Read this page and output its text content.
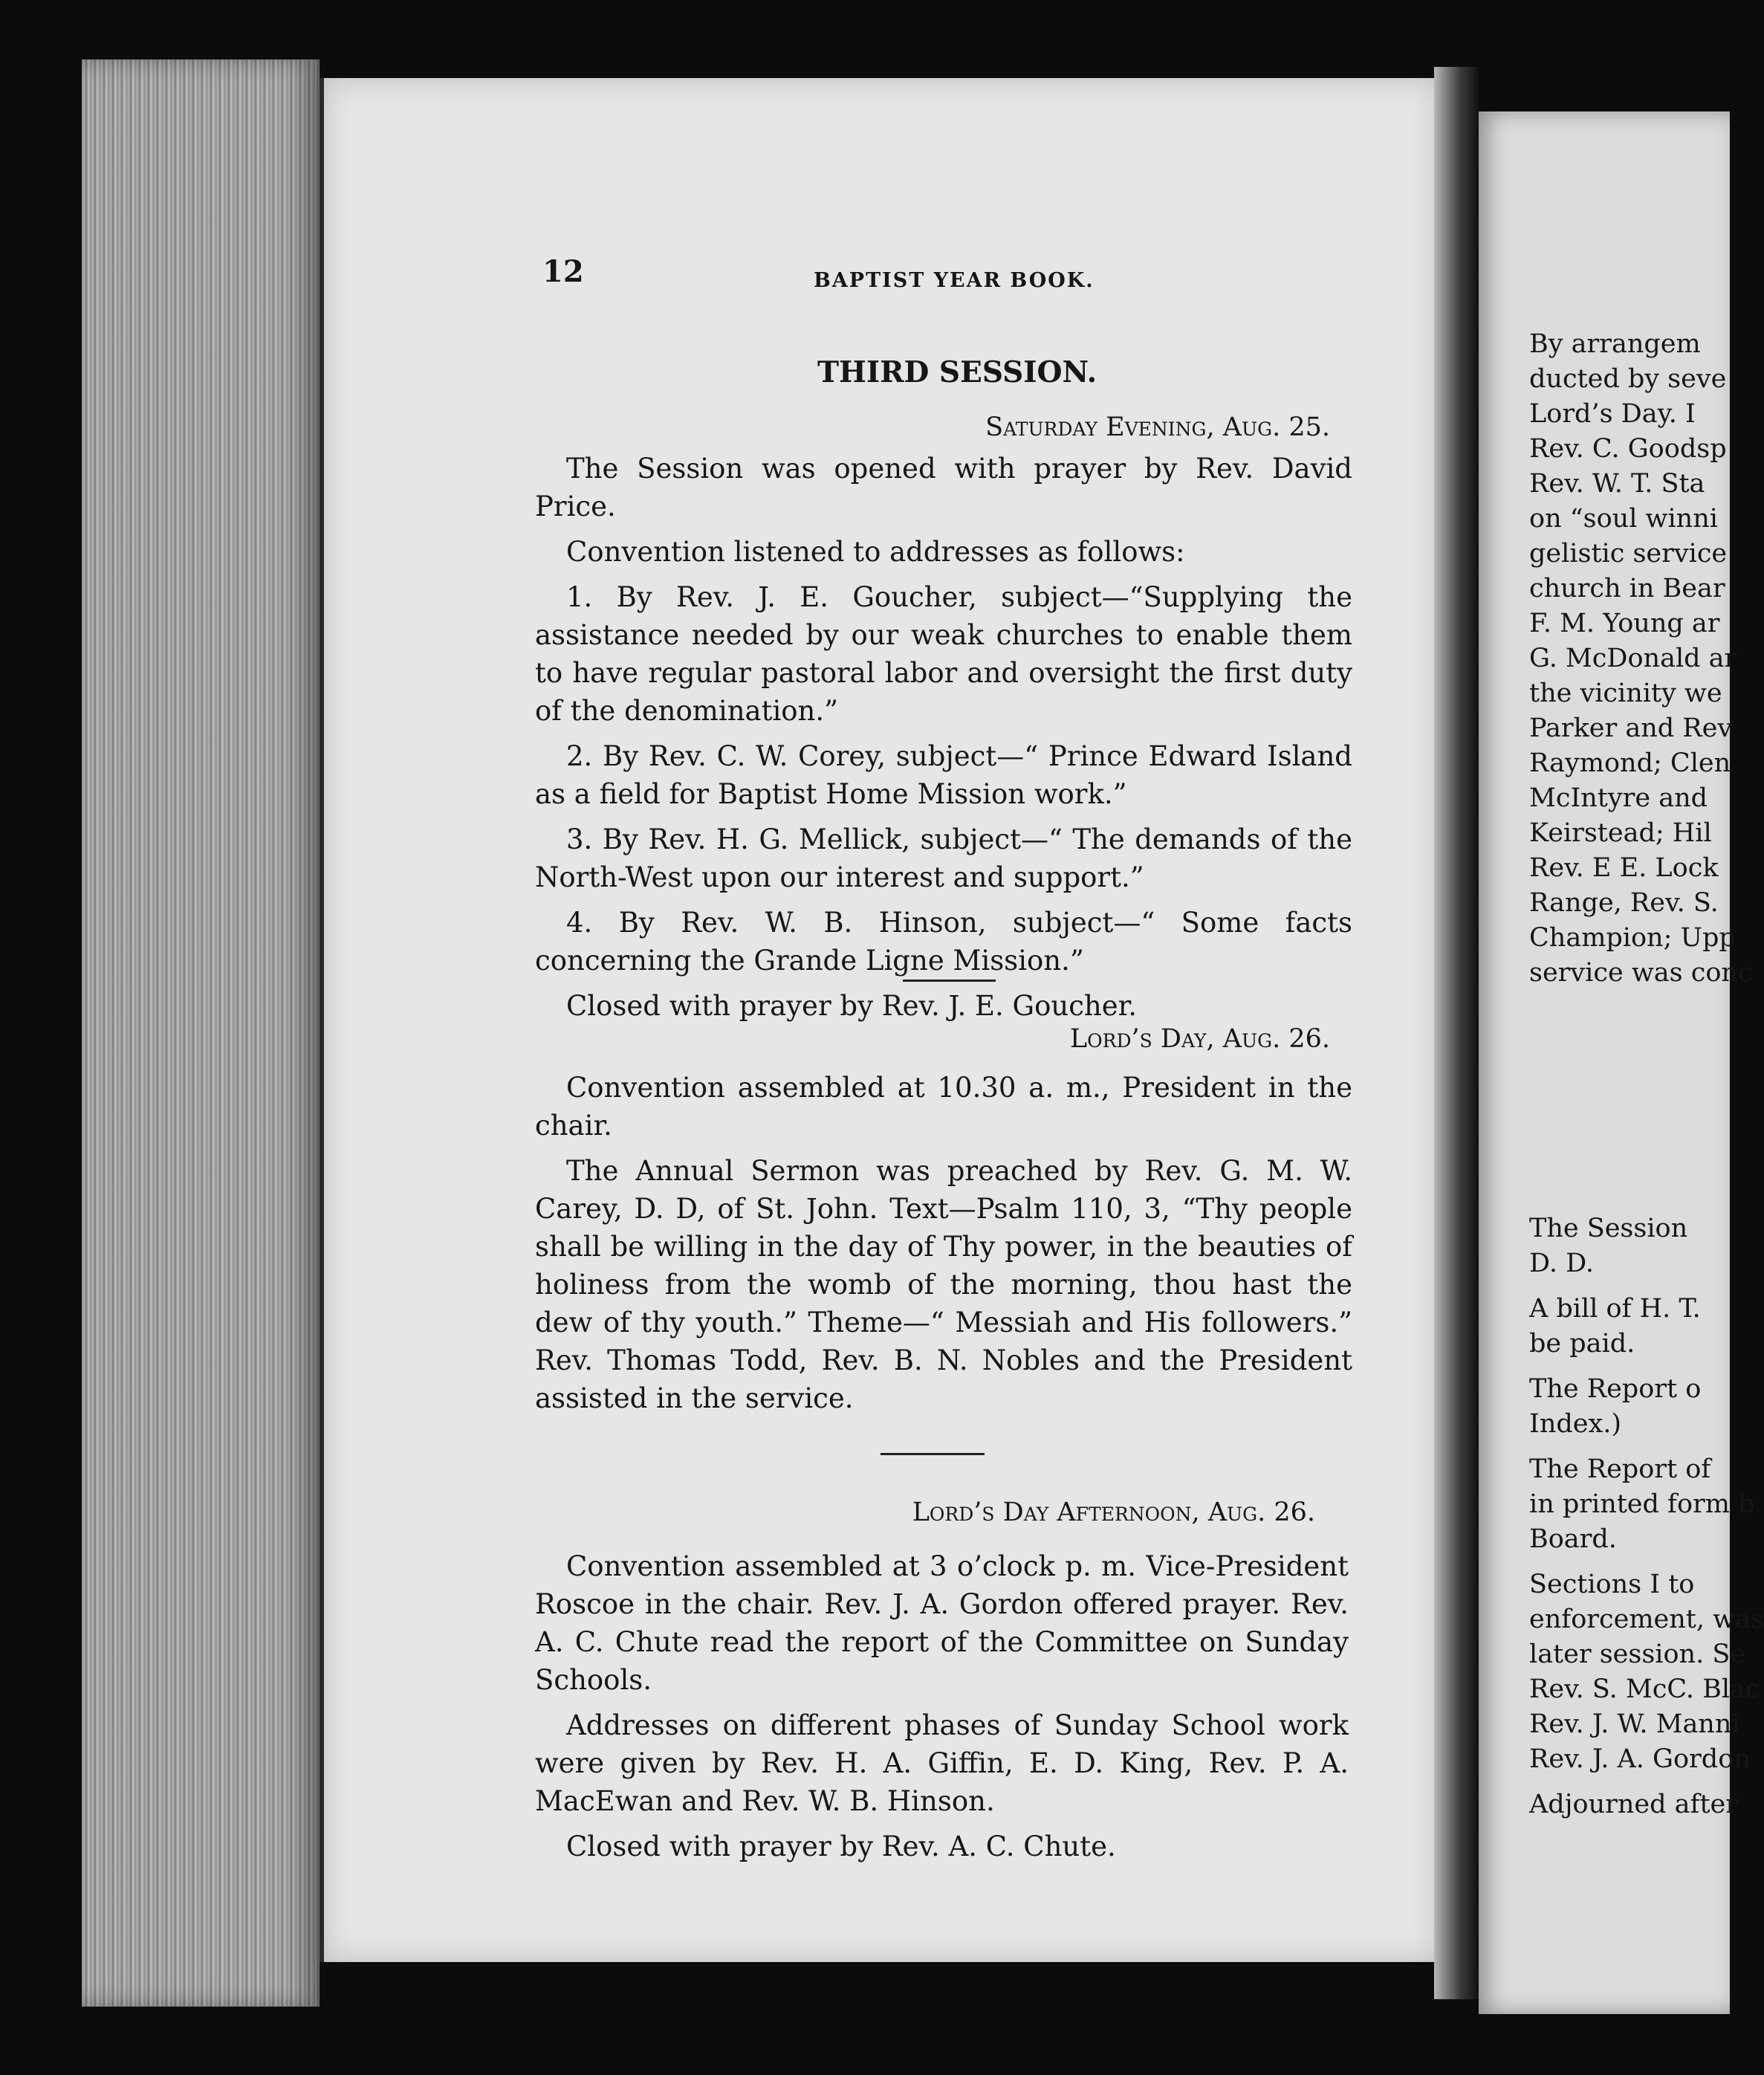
12	BAPTIST YEAR BOOK.
THIRD SESSION.
Saturday Evening, Aug. 25.

The Session was opened with prayer by Rev. David Price.

Convention listened to addresses as follows:

1. By Rev. J. E. Goucher, subject—“Supplying the assistance needed by our weak churches to enable them to have regular pastoral labor and oversight the first duty of the denomination.”

2. By Rev. C. W. Corey, subject—“ Prince Edward Island as a field for Baptist Home Mission work.”

3. By Rev. H. G. Mellick, subject—“ The demands of the North-West upon our interest and support.”

4. By Rev. W. B. Hinson, subject—“ Some facts concerning the Grande Ligne Mission.”

Closed with prayer by Rev. J. E. Goucher.

Lord’s Day, Aug. 26.

Convention assembled at 10.30 a. m., President in the chair.

The Annual Sermon was preached by Rev. G. M. W. Carey, D. D, of St. John. Text—Psalm 110, 3, “Thy people shall be willing in the day of Thy power, in the beauties of holiness from the womb of the morning, thou hast the dew of thy youth.” Theme—“ Messiah and His followers.” Rev. Thomas Todd, Rev. B. N. Nobles and the President assisted in the service.

Lord’s Day Afternoon, Aug. 26.

Convention assembled at 3 o’clock p. m. Vice-President Roscoe in the chair. Rev. J. A. Gordon offered prayer. Rev. A. C. Chute read the report of the Committee on Sunday Schools.

Addresses on different phases of Sunday School work were given by Rev. H. A. Giffin, E. D. King, Rev. P. A. MacEwan and Rev. W. B. Hinson.

Closed with prayer by Rev. A. C. Chute.

By arrangem
ducted by seve
Lord’s Day. I
Rev. C. Goodsp
Rev. W. T. Sta
on “soul winni
gelistic service
church in Bear
F. M. Young ar
G. McDonald ar
the vicinity we
Parker and Rev
Raymond; Clen
McIntyre and
Keirstead; Hil
Rev. E E. Lock
Range, Rev. S.
Champion; Upp
service was conc
The Session
D. D.
A bill of H. T.
be paid.
The Report o
Index.)
The Report of
in printed form b
Board.
Sections I to
enforcement, was
later session. Se
Rev. S. McC. Blac
Rev. J. W. Manni
Rev. J. A. Gordon
Adjourned after
